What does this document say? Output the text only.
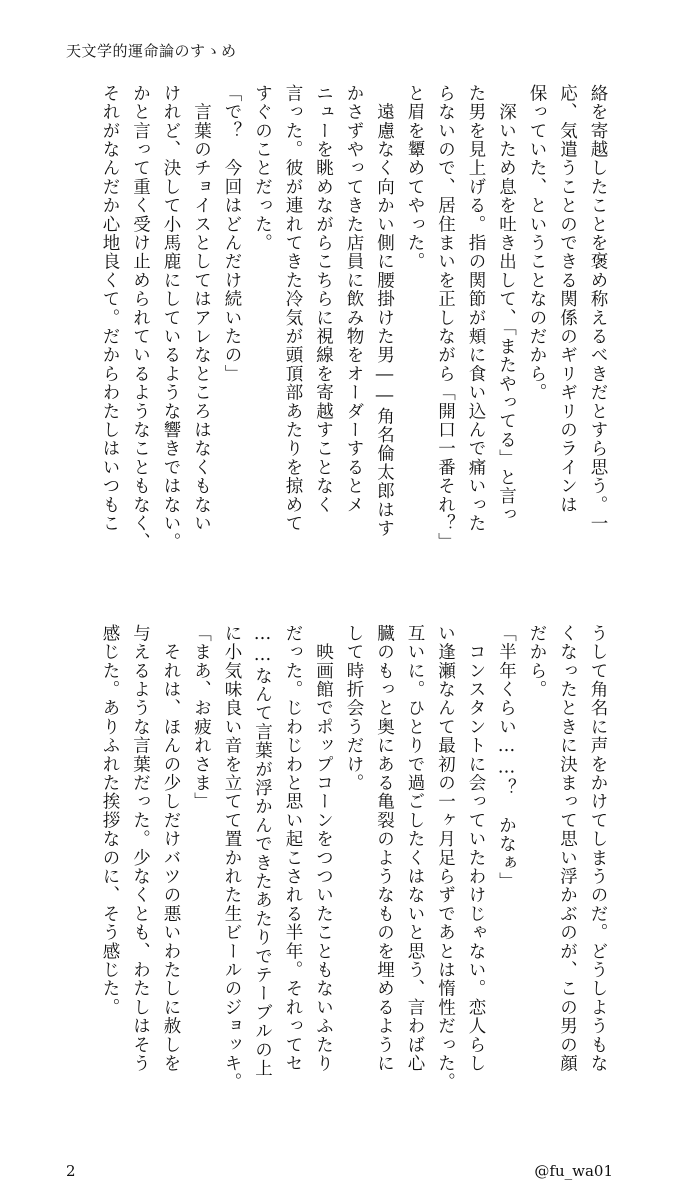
天文学的運命論のすゝめ
絡を寄越したことを褒め称えるべきだとすら思う。一
応、気遣うことのできる関係のギリギリのラインは
保っていた、ということなのだから。
　深いため息を吐き出して、「またやってる」と言っ
た男を見上げる。指の関節が頬に食い込んで痛いった
らないので、居住まいを正しながら「開口一番それ？」
と眉を顰めてやった。
　遠慮なく向かい側に腰掛けた男――角名倫太郎はす
かさずやってきた店員に飲み物をオーダーするとメ
ニューを眺めながらこちらに視線を寄越すことなく
言った。彼が連れてきた冷気が頭頂部あたりを掠めて
すぐのことだった。
「で？　今回はどんだけ続いたの」
　言葉のチョイスとしてはアレなところはなくもない
けれど、決して小馬鹿にしているような響きではない。
かと言って重く受け止められているようなこともなく、
それがなんだか心地良くて。だからわたしはいつもこ
うして角名に声をかけてしまうのだ。どうしようもな
くなったときに決まって思い浮かぶのが、この男の顔
だから。
「半年くらい……？　かなぁ」
　コンスタントに会っていたわけじゃない。恋人らし
い逢瀬なんて最初の一ヶ月足らずであとは惰性だった。
互いに。ひとりで過ごしたくはないと思う、言わば心
臓のもっと奥にある亀裂のようなものを埋めるように
して時折会うだけ。
　映画館でポップコーンをつついたこともないふたり
だった。じわじわと思い起こされる半年。それってセ
……なんて言葉が浮かんできたあたりでテーブルの上
に小気味良い音を立てて置かれた生ビールのジョッキ。
「まあ、お疲れさま」
　それは、ほんの少しだけバツの悪いわたしに赦しを
与えるような言葉だった。少なくとも、わたしはそう
感じた。ありふれた挨拶なのに、そう感じた。
2	@fu_wa01
